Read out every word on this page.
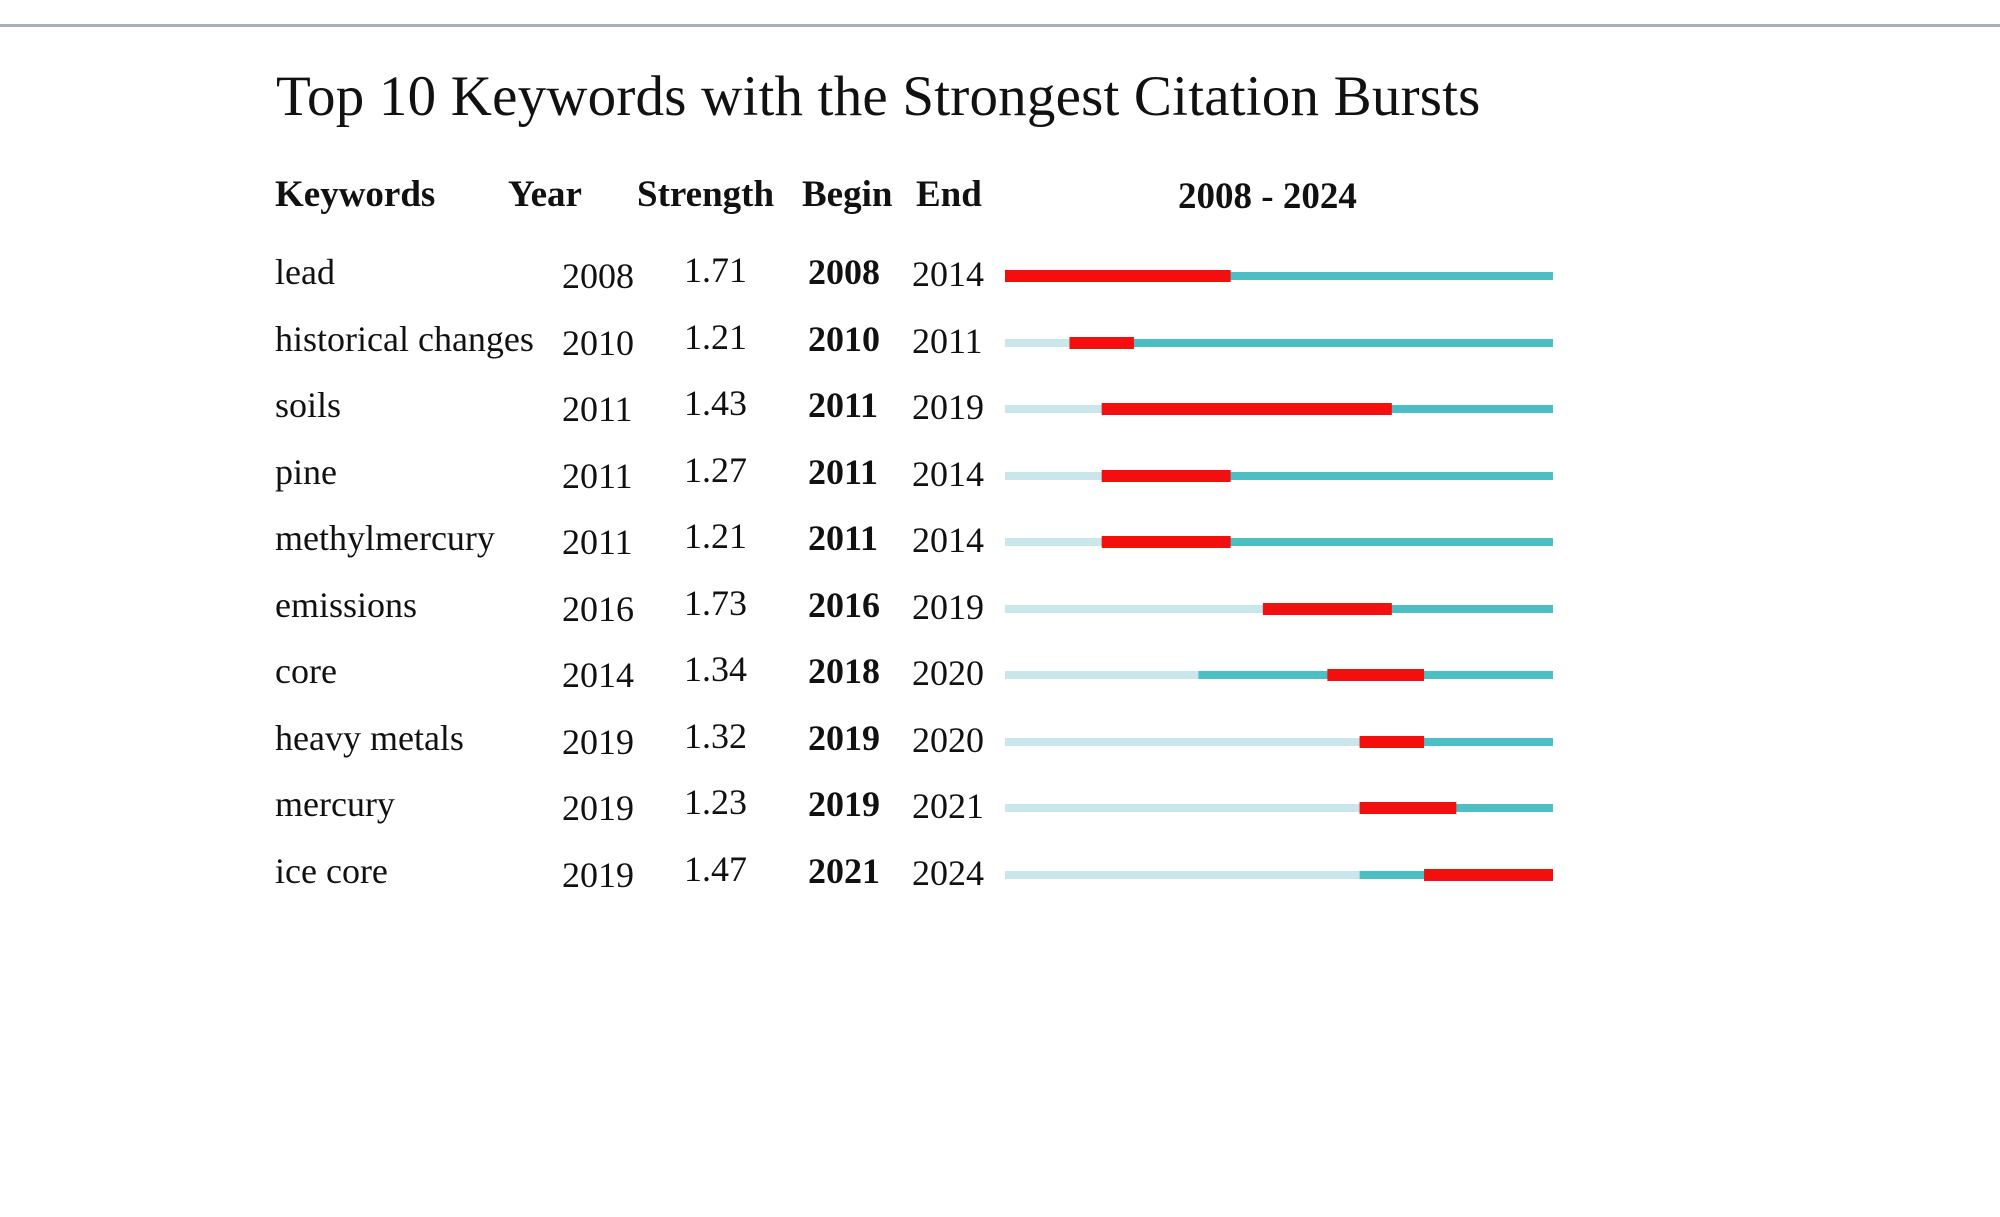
Top 10 Keywords with the Strongest Citation Bursts
Keywords Year Strength Begin End	2008 - 2024
lead	2008 1.71 2008 2014
historical changes 2010 1.21 2010 2011
soils	2011 1.43 2011 2019
pine	2011 1.27 2011 2014
methylmercury 2011 1.21 2011 2014
emissions	2016 1.73 2016 2019
core	2014 1.34 2018 2020
heavy metals	2019 1.32 2019 2020
mercury	2019 1.23 2019 2021
ice core	2019 1.47 2021 2024
